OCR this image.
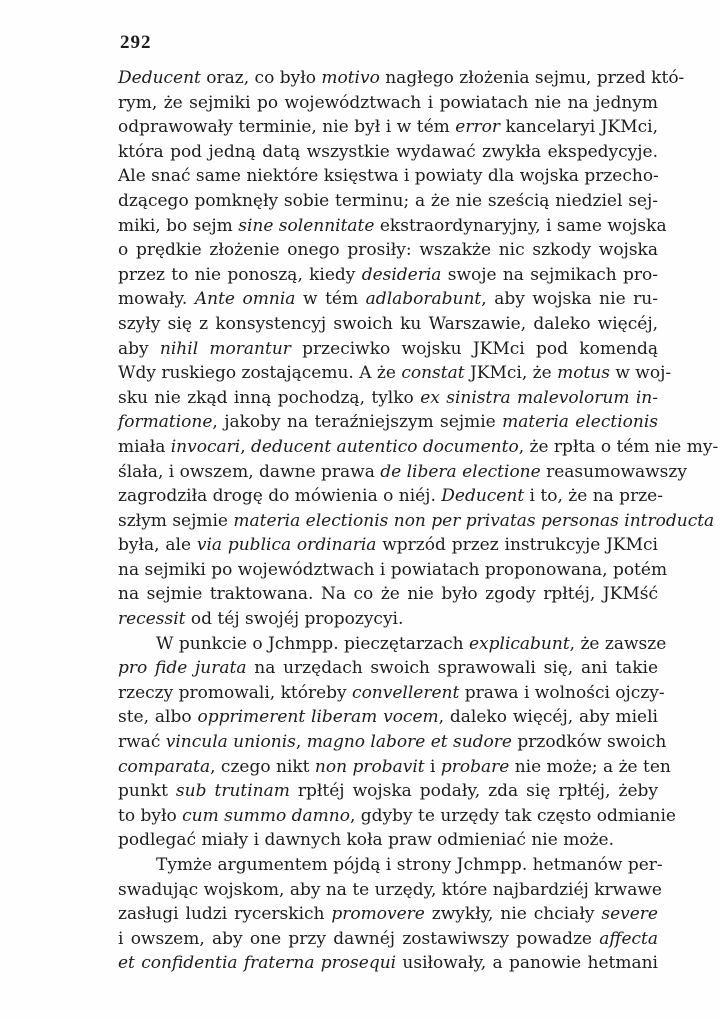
292
Deducent oraz, co było motivo nagłego złożenia sejmu, przed któ-
rym, że sejmiki po województwach i powiatach nie na jednym
odprawowały terminie, nie był i w tém error kancelaryi JKMci,
która pod jedną datą wszystkie wydawać zwykła ekspedycyje.
Ale snać same niektóre księstwa i powiaty dla wojska przecho-
dzącego pomknęły sobie terminu; a że nie sześcią niedziel sej-
miki, bo sejm sine solennitate ekstraordynaryjny, i same wojska
o prędkie złożenie onego prosiły: wszakże nic szkody wojska
przez to nie ponoszą, kiedy desideria swoje na sejmikach pro-
mowały. Ante omnia w tém adlaborabunt, aby wojska nie ru-
szyły się z konsystencyj swoich ku Warszawie, daleko więcéj,
aby nihil morantur przeciwko wojsku JKMci pod komendą
Wdy ruskiego zostającemu. A że constat JKMci, że motus w woj-
sku nie zkąd inną pochodzą, tylko ex sinistra malevolorum in-
formatione, jakoby na teraźniejszym sejmie materia electionis
miała invocari, deducent autentico documento, że rpłta o tém nie my-
ślała, i owszem, dawne prawa de libera electione reasumowawszy
zagrodziła drogę do mówienia o niéj. Deducent i to, że na prze-
szłym sejmie materia electionis non per privatas personas introducta
była, ale via publica ordinaria wprzód przez instrukcyje JKMci
na sejmiki po województwach i powiatach proponowana, potém
na sejmie traktowana. Na co że nie było zgody rpłtéj, JKMść
recessit od téj swojéj propozycyi.
W punkcie o Jchmpp. pieczętarzach explicabunt, że zawsze
pro fide jurata na urzędach swoich sprawowali się, ani takie
rzeczy promowali, któreby convellerent prawa i wolności ojczy-
ste, albo opprimerent liberam vocem, daleko więcéj, aby mieli
rwać vincula unionis, magno labore et sudore przodków swoich
comparata, czego nikt non probavit i probare nie może; a że ten
punkt sub trutinam rpłtéj wojska podały, zda się rpłtéj, żeby
to było cum summo damno, gdyby te urzędy tak często odmianie
podlegać miały i dawnych koła praw odmieniać nie może.
Tymże argumentem pójdą i strony Jchmpp. hetmanów per-
swadując wojskom, aby na te urzędy, które najbardziéj krwawe
zasługi ludzi rycerskich promovere zwykły, nie chciały severe
i owszem, aby one przy dawnéj zostawiwszy powadze affecta
et confidentia fraterna prosequi usiłowały, a panowie hetmani
